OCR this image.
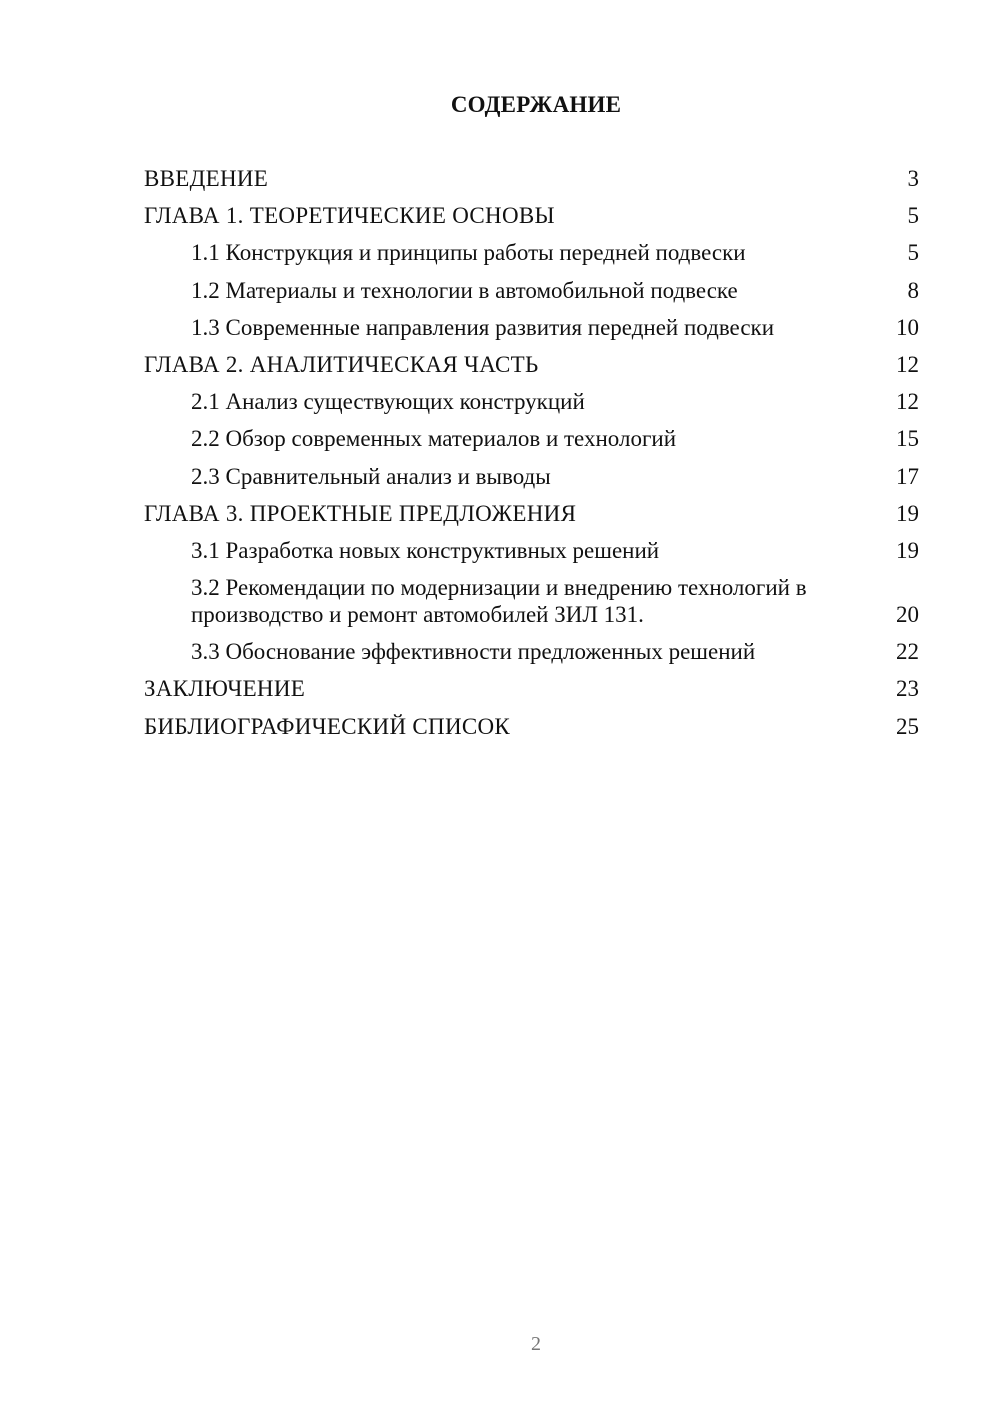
СОДЕРЖАНИЕ
ВВЕДЕНИЕ	3
ГЛАВА 1. ТЕОРЕТИЧЕСКИЕ ОСНОВЫ	5
1.1 Конструкция и принципы работы передней подвески	5
1.2 Материалы и технологии в автомобильной подвеске	8
1.3 Современные направления развития передней подвески	10
ГЛАВА 2. АНАЛИТИЧЕСКАЯ ЧАСТЬ	12
2.1 Анализ существующих конструкций	12
2.2 Обзор современных материалов и технологий	15
2.3 Сравнительный анализ и выводы	17
ГЛАВА 3. ПРОЕКТНЫЕ ПРЕДЛОЖЕНИЯ	19
3.1 Разработка новых конструктивных решений	19
3.2 Рекомендации по модернизации и внедрению технологий в производство и ремонт автомобилей ЗИЛ 131.	20
3.3 Обоснование эффективности предложенных решений	22
ЗАКЛЮЧЕНИЕ	23
БИБЛИОГРАФИЧЕСКИЙ СПИСОК	25
2
